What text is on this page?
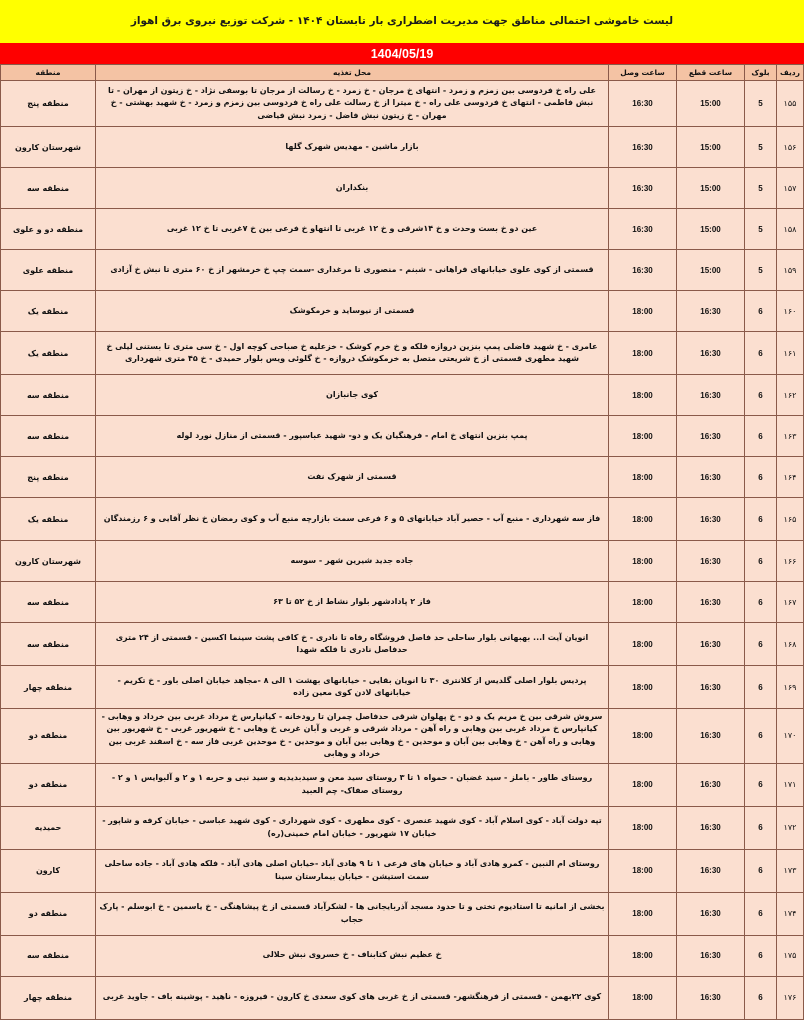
لیست خاموشی احتمالی مناطق جهت مدیریت اضطراری بار تابستان ۱۴۰۴ - شرکت توزیع نیروی برق اهواز
1404/05/19
ردیف	بلوک	ساعت قطع	ساعت وصل	محل تغذیه	منطقه
۱۵۵	5	15:00	16:30	علی راه خ فردوسی بین زمزم و زمرد - انتهای خ مرجان - خ زمرد - خ رسالت از مرجان تا بوسفی نژاد - خ زیتون از مهران - تا نبش فاطمی - انتهای خ فردوسی علی راه - خ میترا از خ رسالت علی راه خ فردوسی بین زمزم و زمرد - خ شهید بهشتی - خ مهران - خ زیتون نبش فاضل - زمرد نبش فیاضی	منطقه پنج
۱۵۶	5	15:00	16:30	بازار ماشین - مهدیس شهرک گلها	شهرستان کارون
۱۵۷	5	15:00	16:30	بنکداران	منطقه سه
۱۵۸	5	15:00	16:30	عین دو خ بست وحدت و خ ۱۴شرقی و خ ۱۲ غربی تا انتهاو خ فرعی بین خ ۷غربی تا خ ۱۲ غربی	منطقه دو و علوی
۱۵۹	5	15:00	16:30	قسمتی از کوی علوی خیابانهای فراهانی - شبنم - منصوری تا مرغداری -سمت چپ خ خرمشهر از خ ۶۰ متری تا نبش خ آزادی	منطقه علوی
۱۶۰	6	16:30	18:00	قسمتی از نیوساید و خرمکوشک	منطقه یک
۱۶۱	6	16:30	18:00	عامری - خ شهید فاضلی پمپ بنزین دروازه فلکه و خ خرم کوشک - خزعلیه خ صباحی کوچه اول - خ سی متری تا بستنی لیلی خ شهید مطهری قسمتی از خ شریعتی متصل به خرمکوشک دروازه - خ گلوئی ویس بلوار حمیدی - خ ۴۵ متری شهرداری	منطقه یک
۱۶۲	6	16:30	18:00	کوی جانبازان	منطقه سه
۱۶۳	6	16:30	18:00	پمپ بنزین انتهای خ امام - فرهنگیان یک و دو- شهید عباسپور - قسمتی از منازل نورد لوله	منطقه سه
۱۶۴	6	16:30	18:00	قسمتی از شهرک نفت	منطقه پنج
۱۶۵	6	16:30	18:00	فاز سه شهرداری - منبع آب - حصیر آباد خیابانهای ۵ و ۶ فرعی سمت بازارچه منبع آب و کوی رمضان خ نظر آقایی و ۶ رزمندگان	منطقه یک
۱۶۶	6	16:30	18:00	جاده جدید شیرین شهر - سوسه	شهرستان کارون
۱۶۷	6	16:30	18:00	فاز ۲ پادادشهر بلوار نشاط از خ ۵۲ تا ۶۳	منطقه سه
۱۶۸	6	16:30	18:00	انویان آیت ا... بهبهانی بلوار ساحلی حد فاصل فروشگاه رفاه تا نادری - خ کافی پشت سینما اکسین - قسمتی از ۲۴ متری حدفاصل نادری تا فلکه شهدا	منطقه سه
۱۶۹	6	16:30	18:00	پردیس بلوار اصلی گلدیس از کلانتری ۳۰ تا انویان بقایی - خیابانهای بهشت ۱ الی ۸ -مجاهد خیابان اصلی باور - خ تکریم - خیابانهای لادن کوی معین زاده	منطقه چهار
۱۷۰	6	16:30	18:00	سروش شرقی بین خ مریم یک و دو - خ پهلوان شرقی حدفاصل چمران تا رودخانه - کیانپارس خ مرداد غربی بین خرداد و وهابی - کیانپارس خ مرداد غربی بین وهابی و راه آهن - مرداد شرقی و غربی و آبان غربی خ وهابی - خ شهریور غربی - خ شهریور بین وهابی و راه آهن - خ وهابی بین آبان و موحدین - خ وهابی بین آبان و موحدین - خ موحدین غربی فاز سه - خ اسفند غربی بین خرداد و وهابی	منطقه دو
۱۷۱	6	16:30	18:00	روستای طاور - باملز - سید غضبان - حمواه ۱ تا ۳ روستای سید معن و سیدبدیدیه و سید نبی و حربه ۱ و ۲ و آلبوایس ۱ و ۲ - روستای صفاک- چم العبید	منطقه دو
۱۷۲	6	16:30	18:00	تپه دولت آباد - کوی اسلام آباد - کوی شهید عنصری - کوی مطهری - کوی شهرداری - کوی شهید عباسی - خیابان کرفه و شاپور - خیابان ۱۷ شهریور - خیابان امام خمینی(ره)	حمیدیه
۱۷۳	6	16:30	18:00	روستای ام النبین - کمرو هادی آباد و خیابان های فرعی ۱ تا ۹ هادی آباد -خیابان اصلی هادی آباد - فلکه هادی آباد - جاده ساحلی سمت استیشن - خیابان بیمارستان سینا	کارون
۱۷۴	6	16:30	18:00	بخشی از امانیه تا استادیوم تختی و تا حدود مسجد آذربایجانی ها - لشکرآباد قسمتی از خ پیشاهنگی - خ یاسمین - خ ابوسلم - پارک حجاب	منطقه دو
۱۷۵	6	16:30	18:00	خ عظیم نبش کتابناف - خ خسروی نبش حلالی	منطقه سه
۱۷۶	6	16:30	18:00	کوی ۲۲بهمن - قسمتی از فرهنگشهر- قسمتی از خ غربی های کوی سعدی خ کارون - فیروزه - ناهید - پوشینه باف - جاوید غربی	منطقه چهار
